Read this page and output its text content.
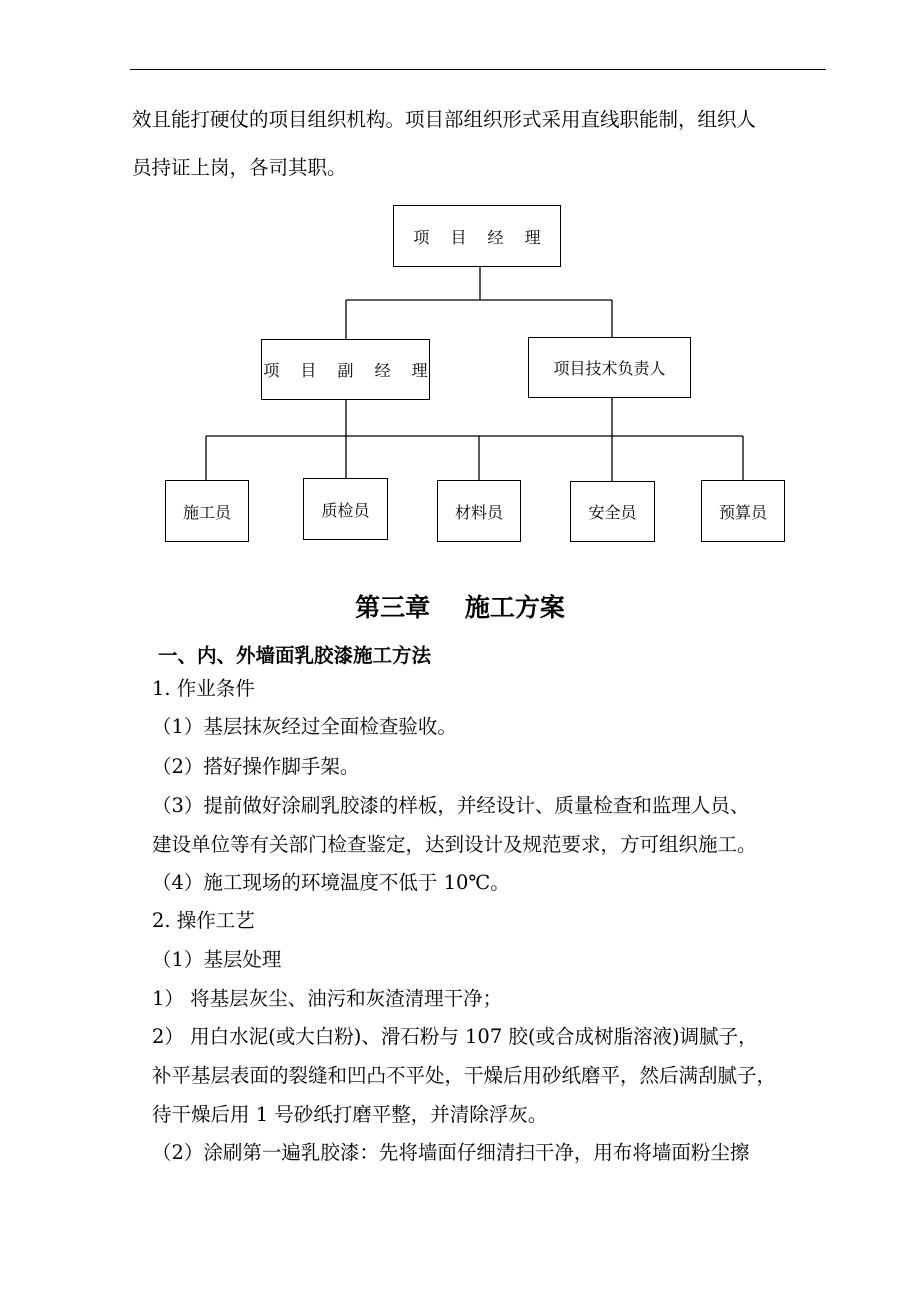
效且能打硬仗的项目组织机构。项目部组织形式采用直线职能制，组织人
员持证上岗，各司其职。
项 目 经 理
项 目 副 经 理	项目技术负责人
施工员	质检员	材料员	安全员	预算员
第三章    施工方案
一、内、外墙面乳胶漆施工方法
1. 作业条件
（1）基层抹灰经过全面检查验收。
（2）搭好操作脚手架。
（3）提前做好涂刷乳胶漆的样板，并经设计、质量检查和监理人员、
建设单位等有关部门检查鉴定，达到设计及规范要求，方可组织施工。
（4）施工现场的环境温度不低于 10℃。
2. 操作工艺
（1）基层处理
1） 将基层灰尘、油污和灰渣清理干净；
2） 用白水泥(或大白粉)、滑石粉与 107 胶(或合成树脂溶液)调腻子，
补平基层表面的裂缝和凹凸不平处，干燥后用砂纸磨平，然后满刮腻子，
待干燥后用 1 号砂纸打磨平整，并清除浮灰。
（2）涂刷第一遍乳胶漆：先将墙面仔细清扫干净，用布将墙面粉尘擦
